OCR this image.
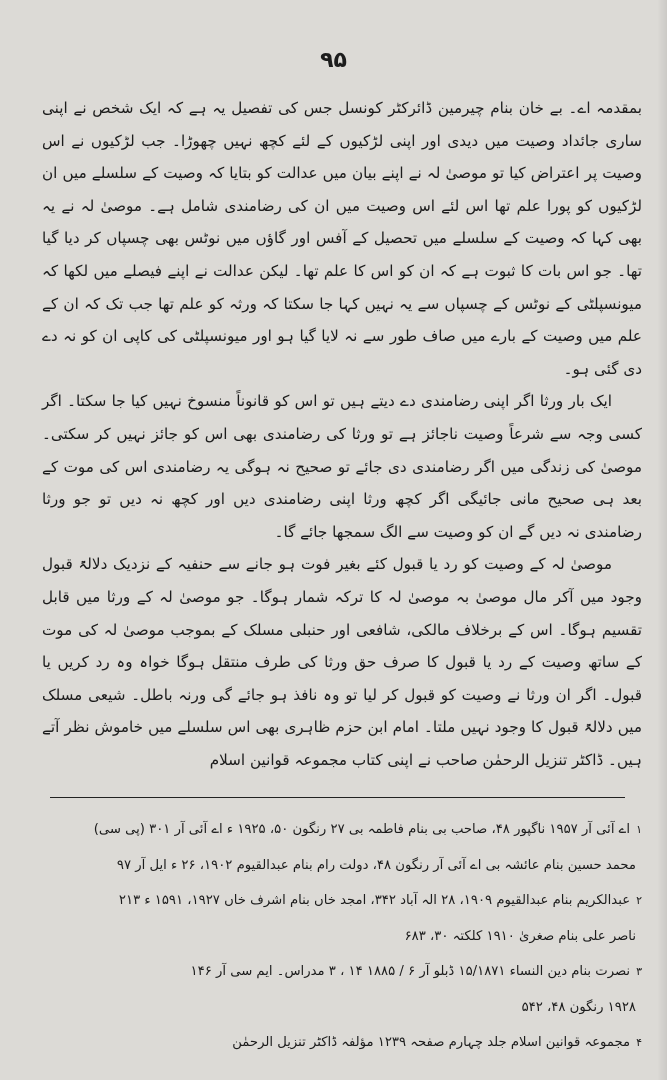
۹۵

بمقدمہ اے۔ بے خان بنام چیرمین ڈائرکٹر کونسل جس کی تفصیل یہ ہے کہ ایک شخص نے اپنی ساری جائداد وصیت میں دیدی اور اپنی لڑکیوں کے لئے کچھ نہیں چھوڑا۔ جب لڑکیوں نے اس وصیت پر اعتراض کیا تو موصیٰ لہ نے اپنے بیان میں عدالت کو بتایا کہ وصیت کے سلسلے میں ان لڑکیوں کو پورا علم تھا اس لئے اس وصیت میں ان کی رضامندی شامل ہے۔ موصیٰ لہ نے یہ بھی کہا کہ وصیت کے سلسلے میں تحصیل کے آفس اور گاؤں میں نوٹس بھی چسپاں کر دیا گیا تھا۔ جو اس بات کا ثبوت ہے کہ ان کو اس کا علم تھا۔ لیکن عدالت نے اپنے فیصلے میں لکھا کہ میونسپلٹی کے نوٹس کے چسپاں سے یہ نہیں کہا جا سکتا کہ ورثہ کو علم تھا جب تک کہ ان کے علم میں وصیت کے بارے میں صاف طور سے نہ لایا گیا ہو اور میونسپلٹی کی کاپی ان کو نہ دے دی گئی ہو۔

ایک بار ورثا اگر اپنی رضامندی دے دیتے ہیں تو اس کو قانوناً منسوخ نہیں کیا جا سکتا۔ اگر کسی وجہ سے شرعاً وصیت ناجائز ہے تو ورثا کی رضامندی بھی اس کو جائز نہیں کر سکتی۔ موصیٰ کی زندگی میں اگر رضامندی دی جائے تو صحیح نہ ہوگی یہ رضامندی اس کی موت کے بعد ہی صحیح مانی جائیگی اگر کچھ ورثا اپنی رضامندی دیں اور کچھ نہ دیں تو جو ورثا رضامندی نہ دیں گے ان کو وصیت سے الگ سمجھا جائے گا۔

موصیٰ لہ کے وصیت کو رد یا قبول کئے بغیر فوت ہو جانے سے حنفیہ کے نزدیک دلالۃً قبول وجود میں آکر مال موصیٰ بہ موصیٰ لہ کا ترکہ شمار ہوگا۔ جو موصیٰ لہ کے ورثا میں قابل تقسیم ہوگا۔ اس کے برخلاف مالکی، شافعی اور حنبلی مسلک کے بموجب موصیٰ لہ کی موت کے ساتھ وصیت کے رد یا قبول کا صرف حق ورثا کی طرف منتقل ہوگا خواہ وہ رد کریں یا قبول۔ اگر ان ورثا نے وصیت کو قبول کر لیا تو وہ نافذ ہو جائے گی ورنہ باطل۔ شیعی مسلک میں دلالۃً قبول کا وجود نہیں ملتا۔ امام ابن حزم ظاہری بھی اس سلسلے میں خاموش نظر آتے ہیں۔ ڈاکٹر تنزیل الرحمٰن صاحب نے اپنی کتاب مجموعہ قوانین اسلام

۱اے آئی آر ۱۹۵۷ ناگپور ۴۸، صاحب بی بنام فاطمہ بی ۲۷ رنگون ۵۰، ۱۹۲۵ ء اے آئی آر ۳۰۱ (پی سی)

محمد حسین بنام عائشہ بی اے آئی آر رنگون ۴۸، دولت رام بنام عبدالقیوم ۱۹۰۲، ۲۶ ء ایل آر ۹۷

۲عبدالکریم بنام عبدالقیوم ۱۹۰۹، ۲۸ الہ آباد ۳۴۲، امجد خاں بنام اشرف خاں ۱۹۲۷، ۱۵۹۱ ء ۲۱۳

ناصر علی بنام صغریٰ ۱۹۱۰ کلکتہ ۳۰، ۶۸۳

۳نصرت بنام دین النساء ۱۵/۱۸۷۱ ڈبلو آر ۶ / ۱۸۸۵ ۱۴ ، ۳ مدراس۔ ایم سی آر ۱۴۶

۱۹۲۸ رنگون ۴۸، ۵۴۲

۴مجموعہ قوانین اسلام جلد چہارم صفحہ ۱۲۳۹ مؤلفہ ڈاکٹر تنزیل الرحمٰن
